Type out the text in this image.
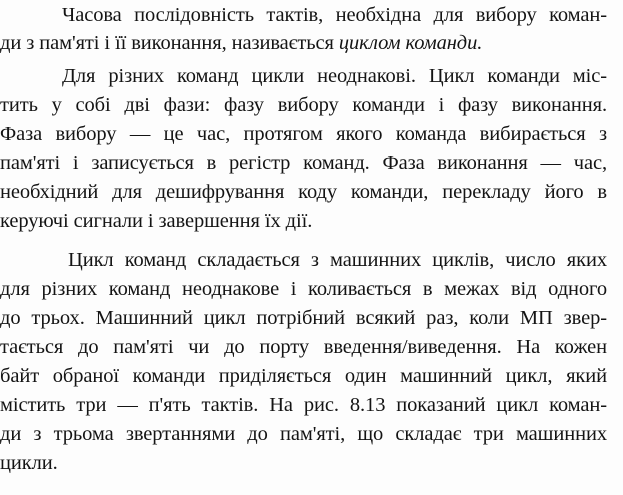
Часова послідовність тактів, необхідна для вибору коман-
ди з пам'яті і її виконання, називається циклом команди.
Для різних команд цикли неоднакові. Цикл команди міс-
тить у собі дві фази: фазу вибору команди і фазу виконання.
Фаза вибору — це час, протягом якого команда вибирається з
пам'яті і записується в регістр команд. Фаза виконання — час,
необхідний для дешифрування коду команди, перекладу його в
керуючі сигнали і завершення їх дії.
Цикл команд складається з машинних циклів, число яких
для різних команд неоднакове і коливається в межах від одного
до трьох. Машинний цикл потрібний всякий раз, коли МП звер-
тається до пам'яті чи до порту введення/виведення. На кожен
байт обраної команди приділяється один машинний цикл, який
містить три — п'ять тактів. На рис. 8.13 показаний цикл коман-
ди з трьома звертаннями до пам'яті, що складає три машинних
цикли.
